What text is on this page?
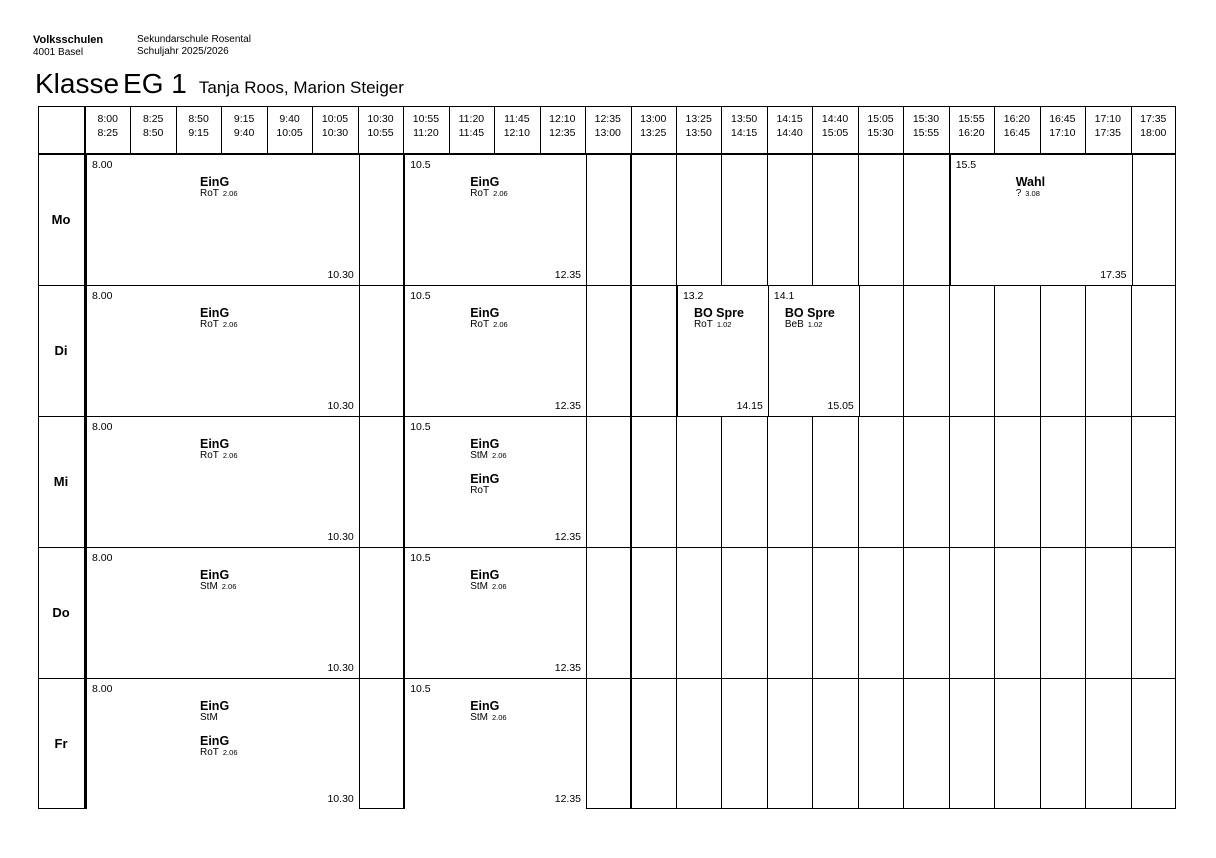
Volksschulen
4001 Basel
Sekundarschule Rosental
Schuljahr 2025/2026
Klasse EG 1 Tanja Roos, Marion Steiger
8:00
8:25
8:25
8:50
8:50
9:15
9:15
9:40
9:40
10:05
10:05
10:30
10:30
10:55
10:55
11:20
11:20
11:45
11:45
12:10
12:10
12:35
12:35
13:00
13:00
13:25
13:25
13:50
13:50
14:15
14:15
14:40
14:40
15:05
15:05
15:30
15:30
15:55
15:55
16:20
16:20
16:45
16:45
17:10
17:10
17:35
17:35
18:00
Mo
Di
Mi
Do
Fr
8.00
10.30
EinG
RoT $^{2.06}$
10.5
12.35
EinG
RoT $^{2.06}$
15.5
17.35
Wahl
? $^{3.08}$
8.00
10.30
EinG
RoT $^{2.06}$
10.5
12.35
EinG
RoT $^{2.06}$
13.2
14.15
BO Spre
RoT $^{1.02}$
14.1
15.05
BO Spre
BeB $^{1.02}$
8.00
10.30
EinG
RoT $^{2.06}$
10.5
12.35
EinG
StM $^{2.06}$
EinG
RoT
8.00
10.30
EinG
StM $^{2.06}$
10.5
12.35
EinG
StM $^{2.06}$
8.00
10.30
EinG
StM
EinG
RoT $^{2.06}$
10.5
12.35
EinG
StM $^{2.06}$
